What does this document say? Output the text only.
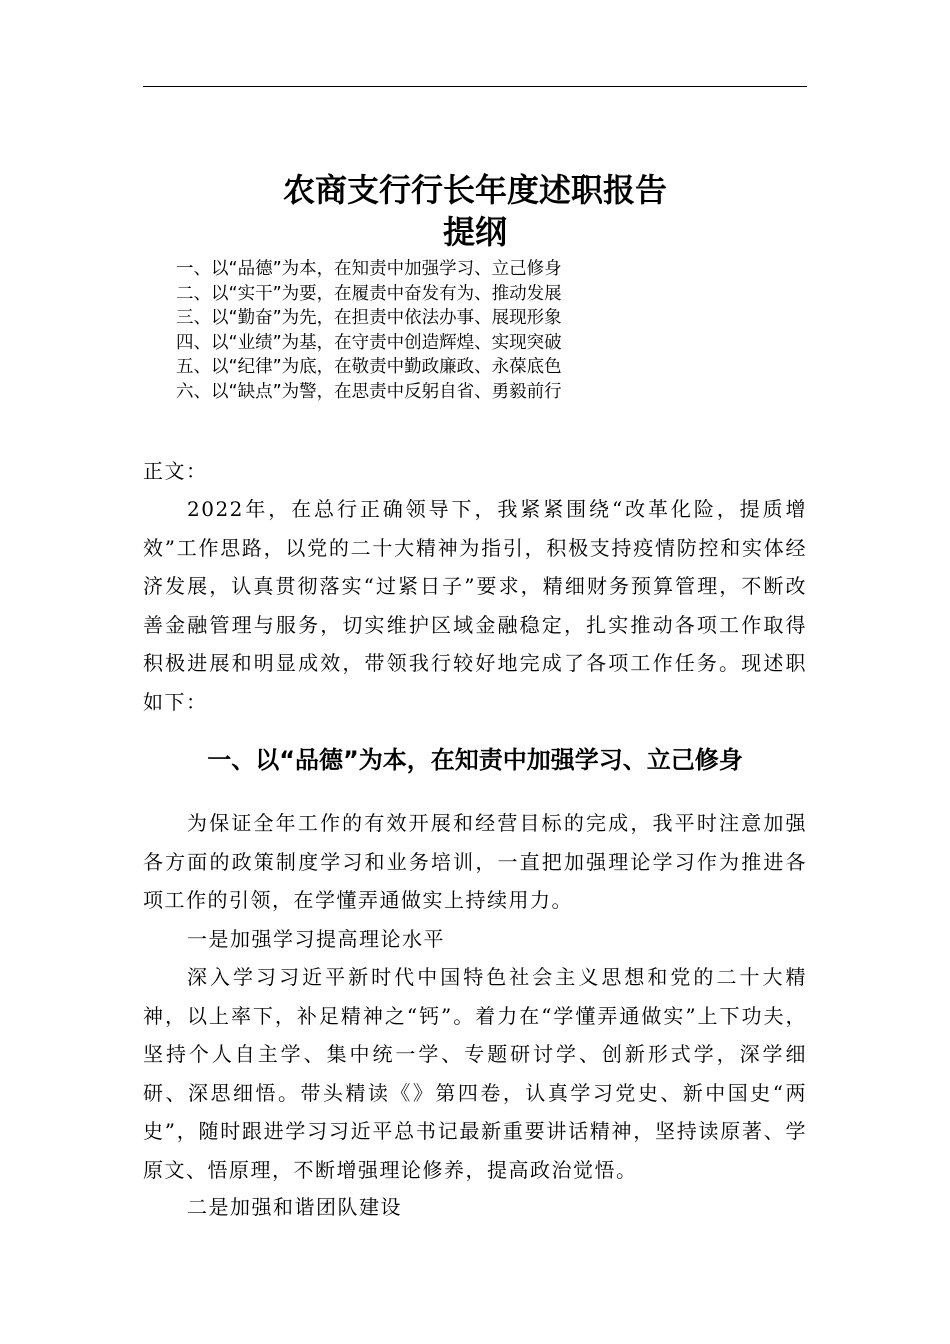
农商支行行长年度述职报告
提纲
一、以“品德”为本，在知责中加强学习、立己修身
二、以“实干”为要，在履责中奋发有为、推动发展
三、以“勤奋”为先，在担责中依法办事、展现形象
四、以“业绩”为基，在守责中创造辉煌、实现突破
五、以“纪律”为底，在敬责中勤政廉政、永葆底色
六、以“缺点”为警，在思责中反躬自省、勇毅前行

正文：

2022年，在总行正确领导下，我紧紧围绕“改革化险，提质增效”工作思路，以党的二十大精神为指引，积极支持疫情防控和实体经济发展，认真贯彻落实“过紧日子”要求，精细财务预算管理，不断改善金融管理与服务，切实维护区域金融稳定，扎实推动各项工作取得积极进展和明显成效，带领我行较好地完成了各项工作任务。现述职如下：

一、以“品德”为本，在知责中加强学习、立己修身

为保证全年工作的有效开展和经营目标的完成，我平时注意加强各方面的政策制度学习和业务培训，一直把加强理论学习作为推进各项工作的引领，在学懂弄通做实上持续用力。

一是加强学习提高理论水平

深入学习习近平新时代中国特色社会主义思想和党的二十大精神，以上率下，补足精神之“钙”。着力在“学懂弄通做实”上下功夫，坚持个人自主学、集中统一学、专题研讨学、创新形式学，深学细研、深思细悟。带头精读《》第四卷，认真学习党史、新中国史“两史”，随时跟进学习习近平总书记最新重要讲话精神，坚持读原著、学原文、悟原理，不断增强理论修养，提高政治觉悟。

二是加强和谐团队建设
